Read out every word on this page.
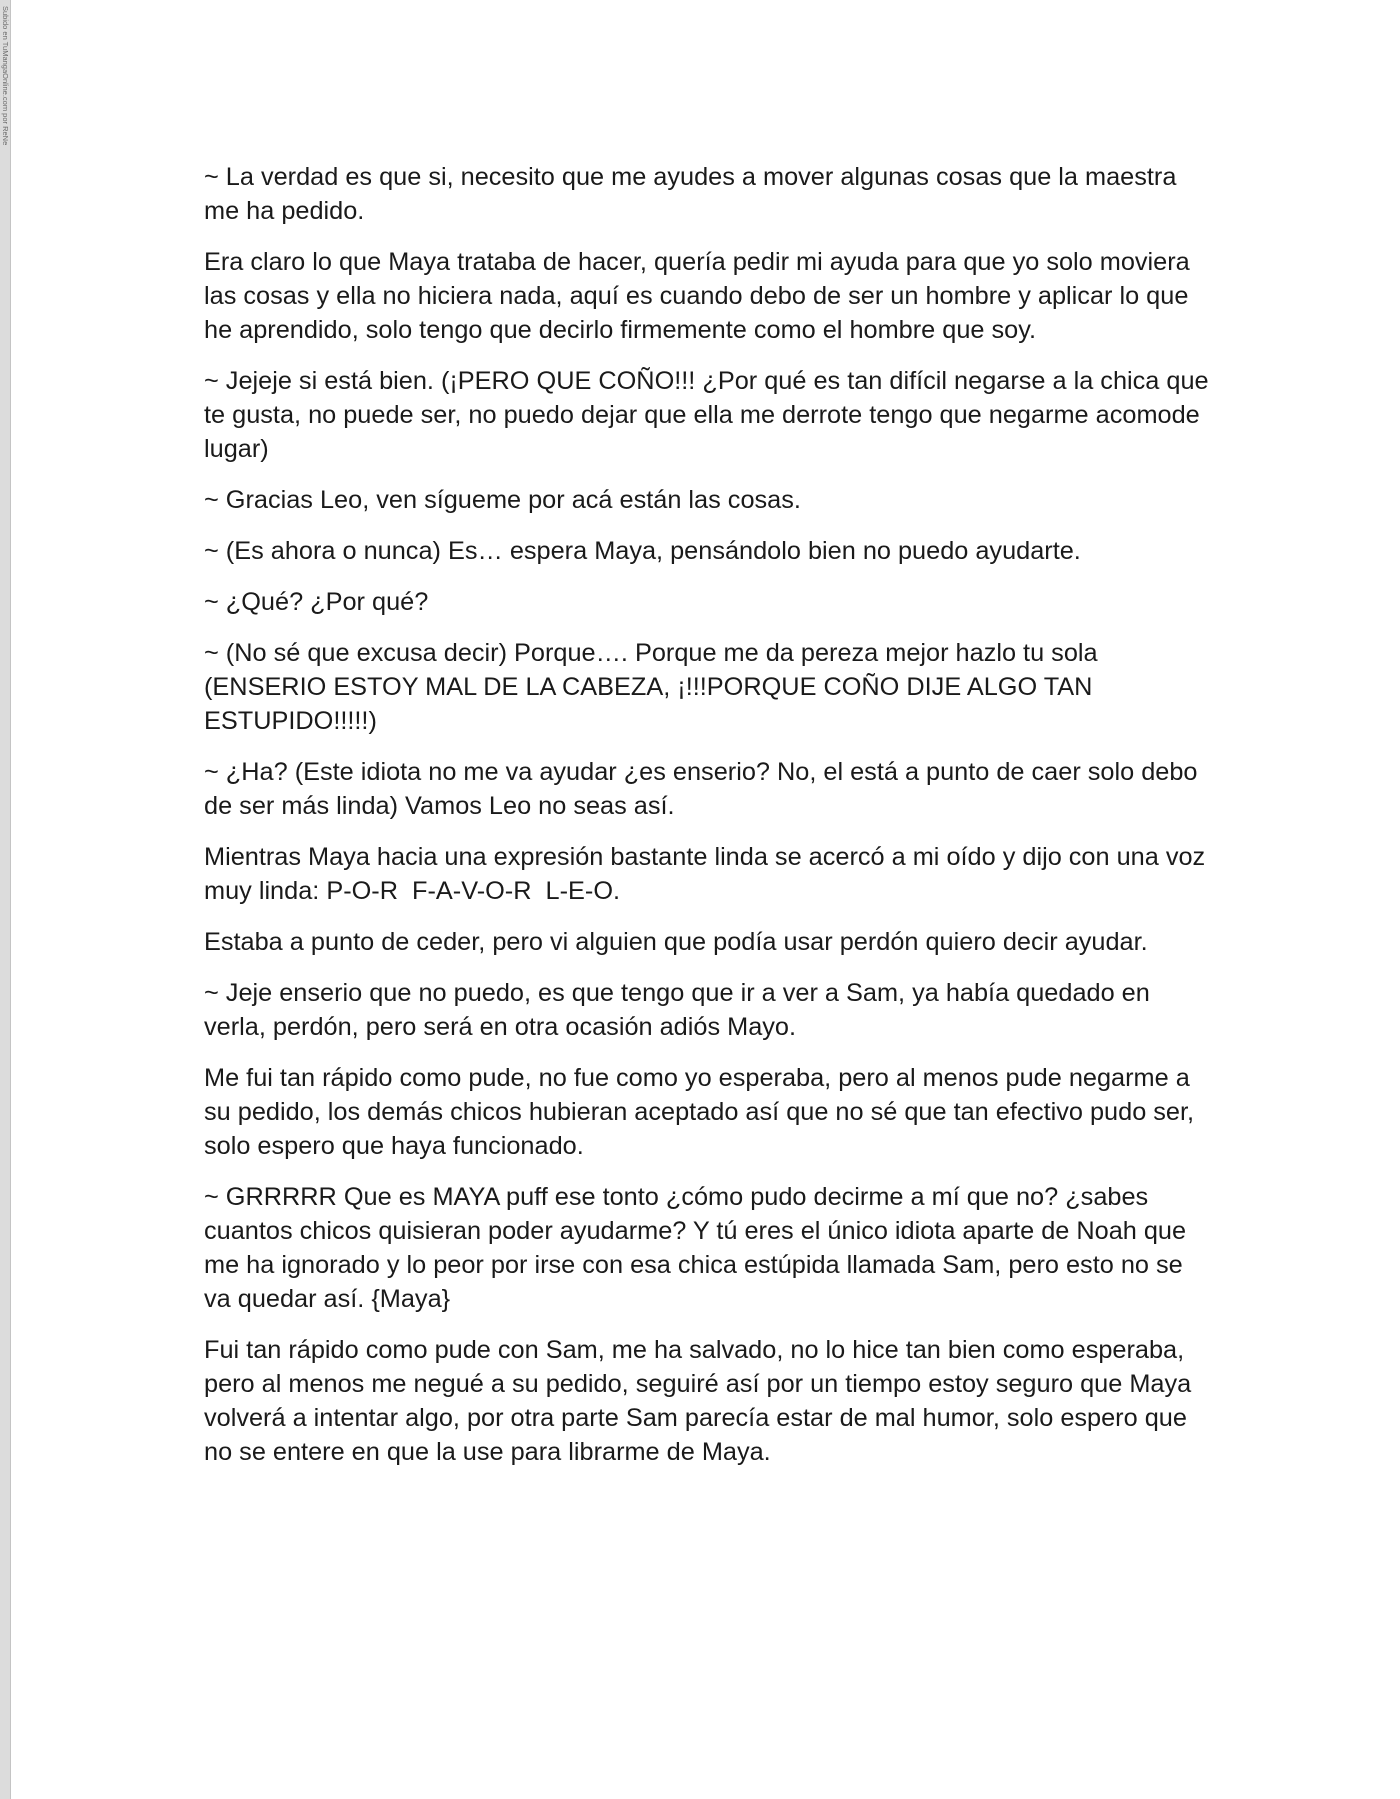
Subido en TuMangaOnline.com por ReNe

~ La verdad es que si, necesito que me ayudes a mover algunas cosas que la maestra me ha pedido.

Era claro lo que Maya trataba de hacer, quería pedir mi ayuda para que yo solo moviera las cosas y ella no hiciera nada, aquí es cuando debo de ser un hombre y aplicar lo que he aprendido, solo tengo que decirlo firmemente como el hombre que soy.

~ Jejeje si está bien. (¡PERO QUE COÑO!!! ¿Por qué es tan difícil negarse a la chica que te gusta, no puede ser, no puedo dejar que ella me derrote tengo que negarme acomode lugar)

~ Gracias Leo, ven sígueme por acá están las cosas.

~ (Es ahora o nunca) Es… espera Maya, pensándolo bien no puedo ayudarte.

~ ¿Qué? ¿Por qué?

~ (No sé que excusa decir) Porque…. Porque me da pereza mejor hazlo tu sola (ENSERIO ESTOY MAL DE LA CABEZA, ¡!!!PORQUE COÑO DIJE ALGO TAN ESTUPIDO!!!!!)

~ ¿Ha? (Este idiota no me va ayudar ¿es enserio? No, el está a punto de caer solo debo de ser más linda) Vamos Leo no seas así.

Mientras Maya hacia una expresión bastante linda se acercó a mi oído y dijo con una voz muy linda: P-O-R  F-A-V-O-R  L-E-O.

Estaba a punto de ceder, pero vi alguien que podía usar perdón quiero decir ayudar.

~ Jeje enserio que no puedo, es que tengo que ir a ver a Sam, ya había quedado en verla, perdón, pero será en otra ocasión adiós Mayo.

Me fui tan rápido como pude, no fue como yo esperaba, pero al menos pude negarme a su pedido, los demás chicos hubieran aceptado así que no sé que tan efectivo pudo ser, solo espero que haya funcionado.

~ GRRRRR Que es MAYA puff ese tonto ¿cómo pudo decirme a mí que no? ¿sabes cuantos chicos quisieran poder ayudarme? Y tú eres el único idiota aparte de Noah que me ha ignorado y lo peor por irse con esa chica estúpida llamada Sam, pero esto no se va quedar así. {Maya}

Fui tan rápido como pude con Sam, me ha salvado, no lo hice tan bien como esperaba, pero al menos me negué a su pedido, seguiré así por un tiempo estoy seguro que Maya volverá a intentar algo, por otra parte Sam parecía estar de mal humor, solo espero que no se entere en que la use para librarme de Maya.
